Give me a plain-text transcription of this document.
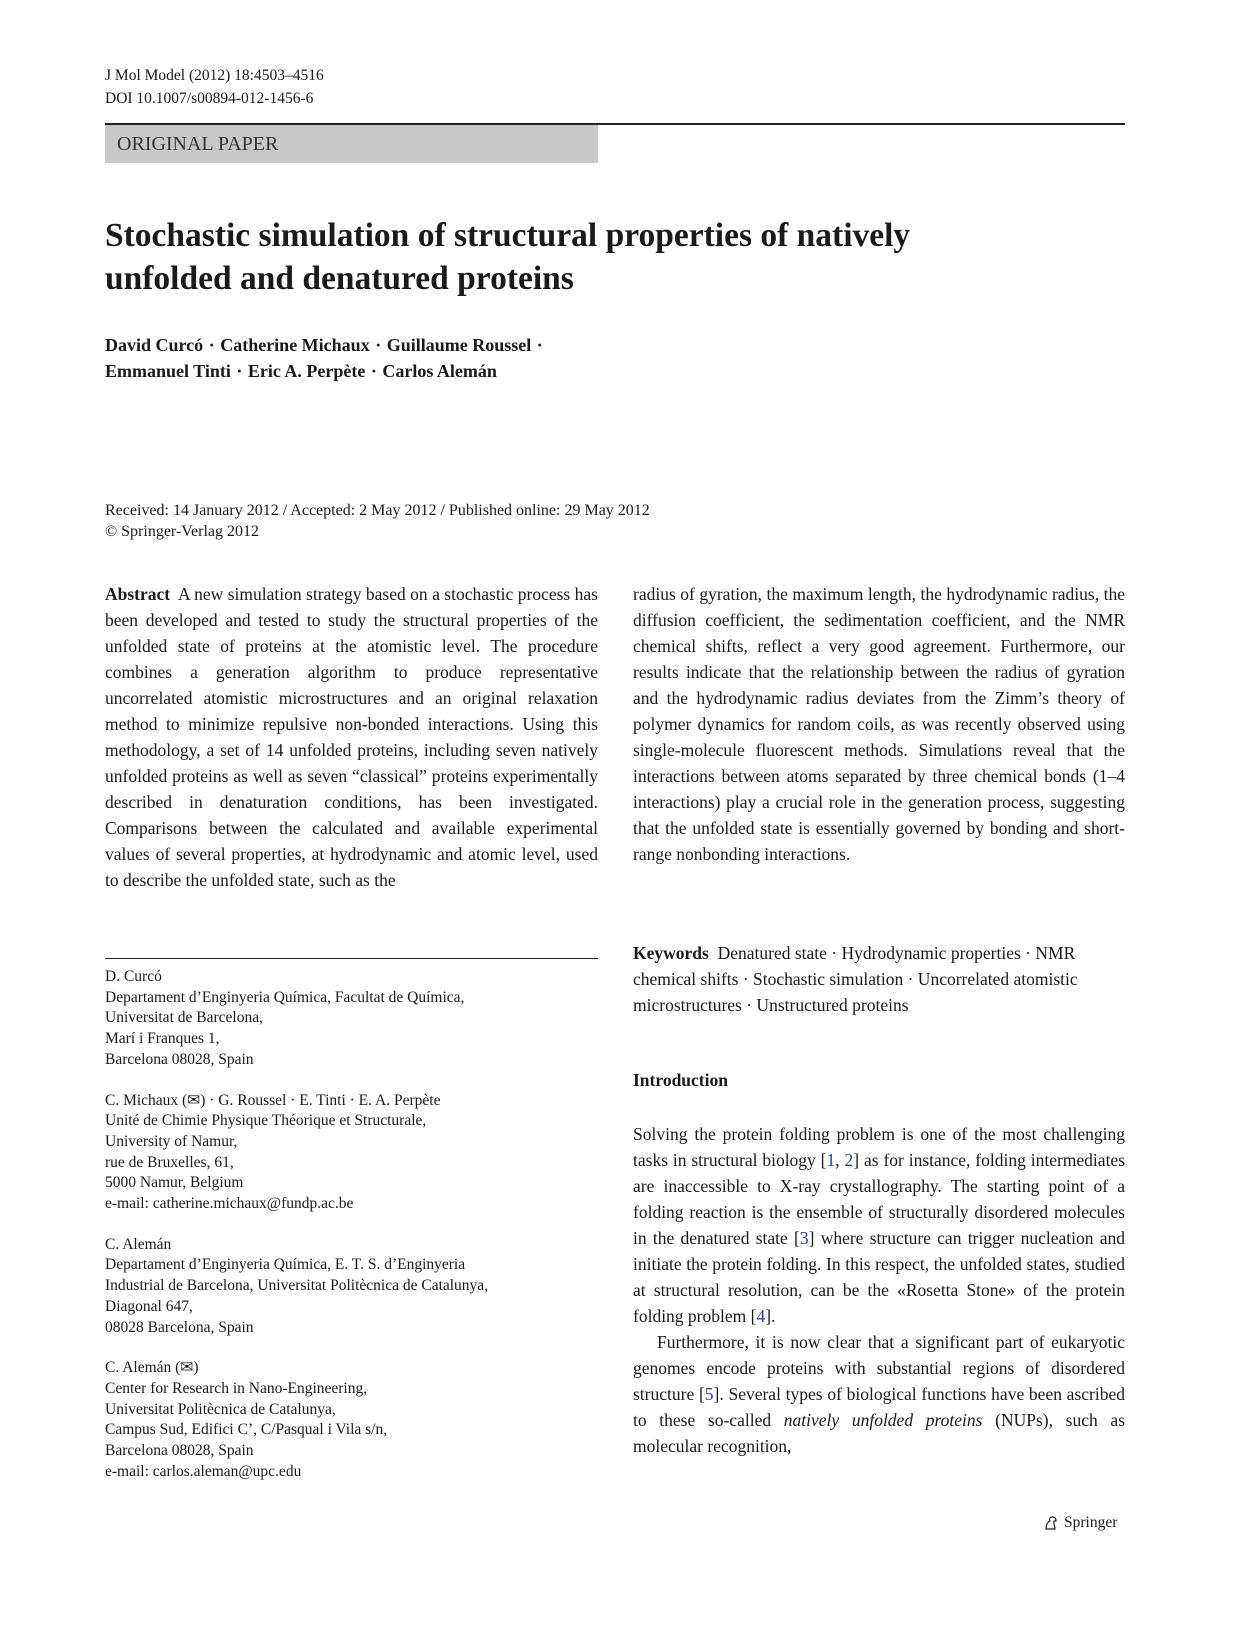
J Mol Model (2012) 18:4503–4516
DOI 10.1007/s00894-012-1456-6
ORIGINAL PAPER
Stochastic simulation of structural properties of natively
unfolded and denatured proteins
David Curcó · Catherine Michaux · Guillaume Roussel ·
Emmanuel Tinti · Eric A. Perpète · Carlos Alemán
Received: 14 January 2012 / Accepted: 2 May 2012 / Published online: 29 May 2012
© Springer-Verlag 2012

Abstract A new simulation strategy based on a stochastic process has been developed and tested to study the structural properties of the unfolded state of proteins at the atomistic level. The procedure combines a generation algorithm to produce representative uncorrelated atomistic microstructures and an original relaxation method to minimize repulsive non-bonded interactions. Using this methodology, a set of 14 unfolded proteins, including seven natively unfolded proteins as well as seven “classical” proteins experimentally described in denaturation conditions, has been investigated. Comparisons between the calculated and available experimental values of several properties, at hydrodynamic and atomic level, used to describe the unfolded state, such as the

radius of gyration, the maximum length, the hydrodynamic radius, the diffusion coefficient, the sedimentation coefficient, and the NMR chemical shifts, reflect a very good agreement. Furthermore, our results indicate that the relationship between the radius of gyration and the hydrodynamic radius deviates from the Zimm’s theory of polymer dynamics for random coils, as was recently observed using single-molecule fluorescent methods. Simulations reveal that the interactions between atoms separated by three chemical bonds (1–4 interactions) play a crucial role in the generation process, suggesting that the unfolded state is essentially governed by bonding and short-range nonbonding interactions.

Keywords Denatured state · Hydrodynamic properties · NMR chemical shifts · Stochastic simulation · Uncorrelated atomistic microstructures · Unstructured proteins
D. Curcó
Departament d’Enginyeria Química, Facultat de Química,
Universitat de Barcelona,
Marí i Franques 1,
Barcelona 08028, Spain
C. Michaux (✉) · G. Roussel · E. Tinti · E. A. Perpète
Unité de Chimie Physique Théorique et Structurale,
University of Namur,
rue de Bruxelles, 61,
5000 Namur, Belgium
e-mail: catherine.michaux@fundp.ac.be
C. Alemán
Departament d’Enginyeria Química, E. T. S. d’Enginyeria
Industrial de Barcelona, Universitat Politècnica de Catalunya,
Diagonal 647,
08028 Barcelona, Spain
C. Alemán (✉)
Center for Research in Nano-Engineering,
Universitat Politècnica de Catalunya,
Campus Sud, Edifici C’, C/Pasqual i Vila s/n,
Barcelona 08028, Spain
e-mail: carlos.aleman@upc.edu
Introduction

Solving the protein folding problem is one of the most challenging tasks in structural biology [1, 2] as for instance, folding intermediates are inaccessible to X-ray crystallography. The starting point of a folding reaction is the ensemble of structurally disordered molecules in the denatured state [3] where structure can trigger nucleation and initiate the protein folding. In this respect, the unfolded states, studied at structural resolution, can be the «Rosetta Stone» of the protein folding problem [4].

Furthermore, it is now clear that a significant part of eukaryotic genomes encode proteins with substantial regions of disordered structure [5]. Several types of biological functions have been ascribed to these so-called natively unfolded proteins (NUPs), such as molecular recognition,

Springer
